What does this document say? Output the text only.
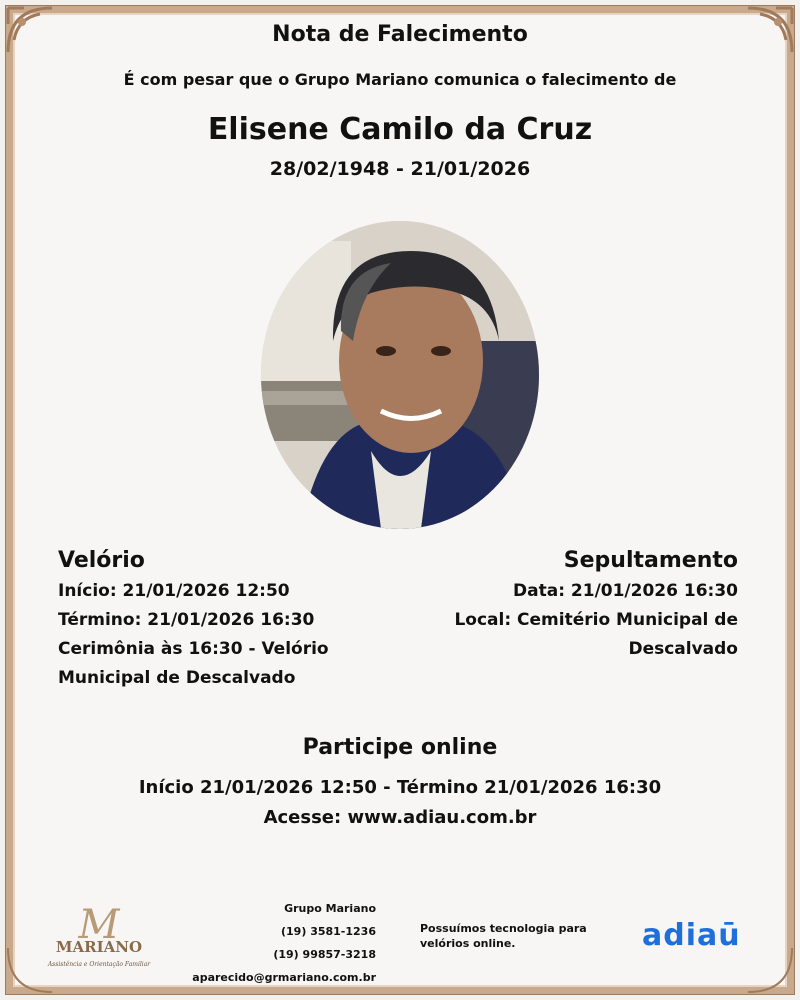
Nota de Falecimento
É com pesar que o Grupo Mariano comunica o falecimento de
Elisene Camilo da Cruz
28/02/1948 - 21/01/2026
Velório
Início: 21/01/2026 12:50
Término: 21/01/2026 16:30
Cerimônia às 16:30 - Velório
Municipal de Descalvado
Sepultamento
Data: 21/01/2026 16:30
Local: Cemitério Municipal de
Descalvado
Participe online
Início 21/01/2026 12:50 - Término 21/01/2026 16:30
Acesse: www.adiau.com.br
M
MARIANO
Assistência e Orientação Familiar
Grupo Mariano
(19) 3581-1236
(19) 99857-3218
aparecido@grmariano.com.br
Possuímos tecnologia para velórios online.	adiaū
